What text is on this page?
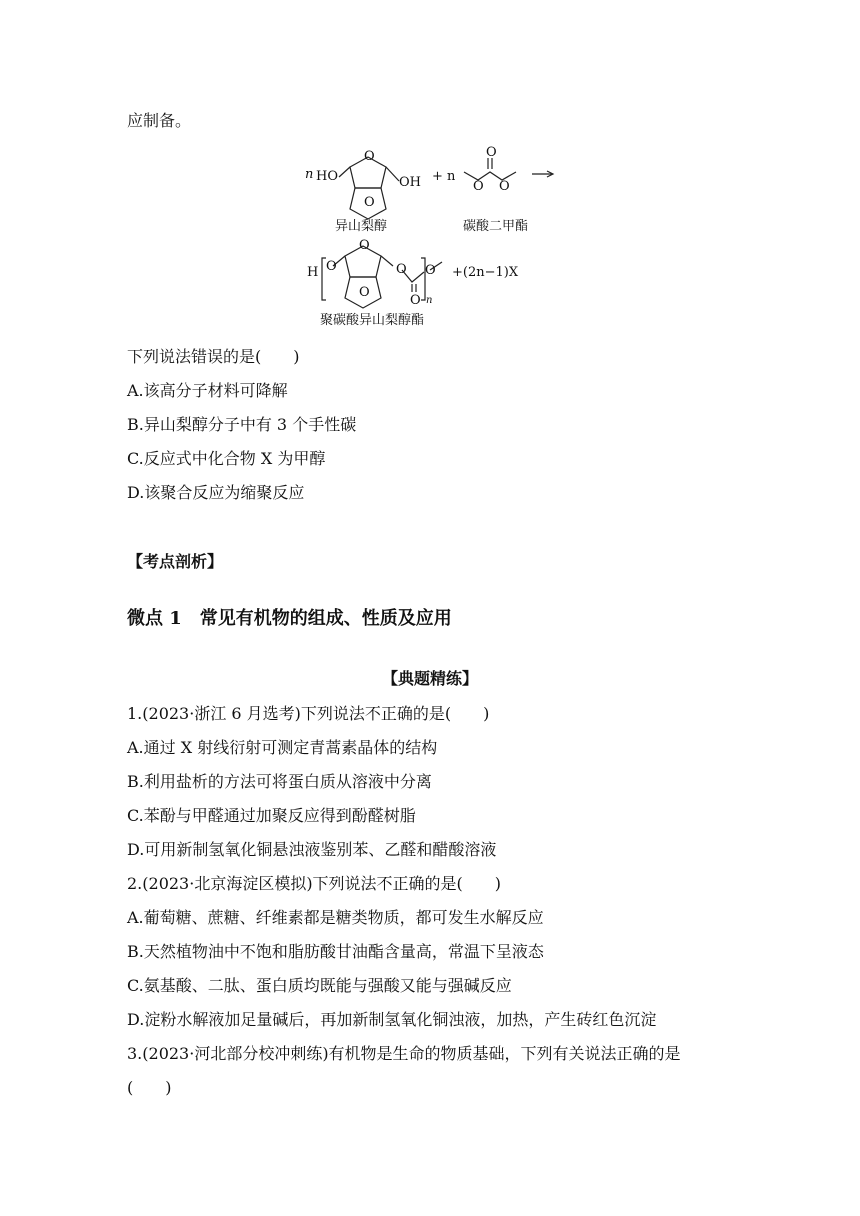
应制备。
n HO	OH
O
O
+ n
O
O O
H O
O
O
O
O
O
n
+(2n−1)X
异山梨醇	碳酸二甲酯
聚碳酸异山梨醇酯
下列说法错误的是(　　)
A.该高分子材料可降解
B.异山梨醇分子中有 3 个手性碳
C.反应式中化合物 X 为甲醇
D.该聚合反应为缩聚反应
【考点剖析】
微点 1　常见有机物的组成、性质及应用
【典题精练】
1.(2023·浙江 6 月选考)下列说法不正确的是(　　)
A.通过 X 射线衍射可测定青蒿素晶体的结构
B.利用盐析的方法可将蛋白质从溶液中分离
C.苯酚与甲醛通过加聚反应得到酚醛树脂
D.可用新制氢氧化铜悬浊液鉴别苯、乙醛和醋酸溶液
2.(2023·北京海淀区模拟)下列说法不正确的是(　　)
A.葡萄糖、蔗糖、纤维素都是糖类物质，都可发生水解反应
B.天然植物油中不饱和脂肪酸甘油酯含量高，常温下呈液态
C.氨基酸、二肽、蛋白质均既能与强酸又能与强碱反应
D.淀粉水解液加足量碱后，再加新制氢氧化铜浊液，加热，产生砖红色沉淀
3.(2023·河北部分校冲刺练)有机物是生命的物质基础，下列有关说法正确的是
(　　)
